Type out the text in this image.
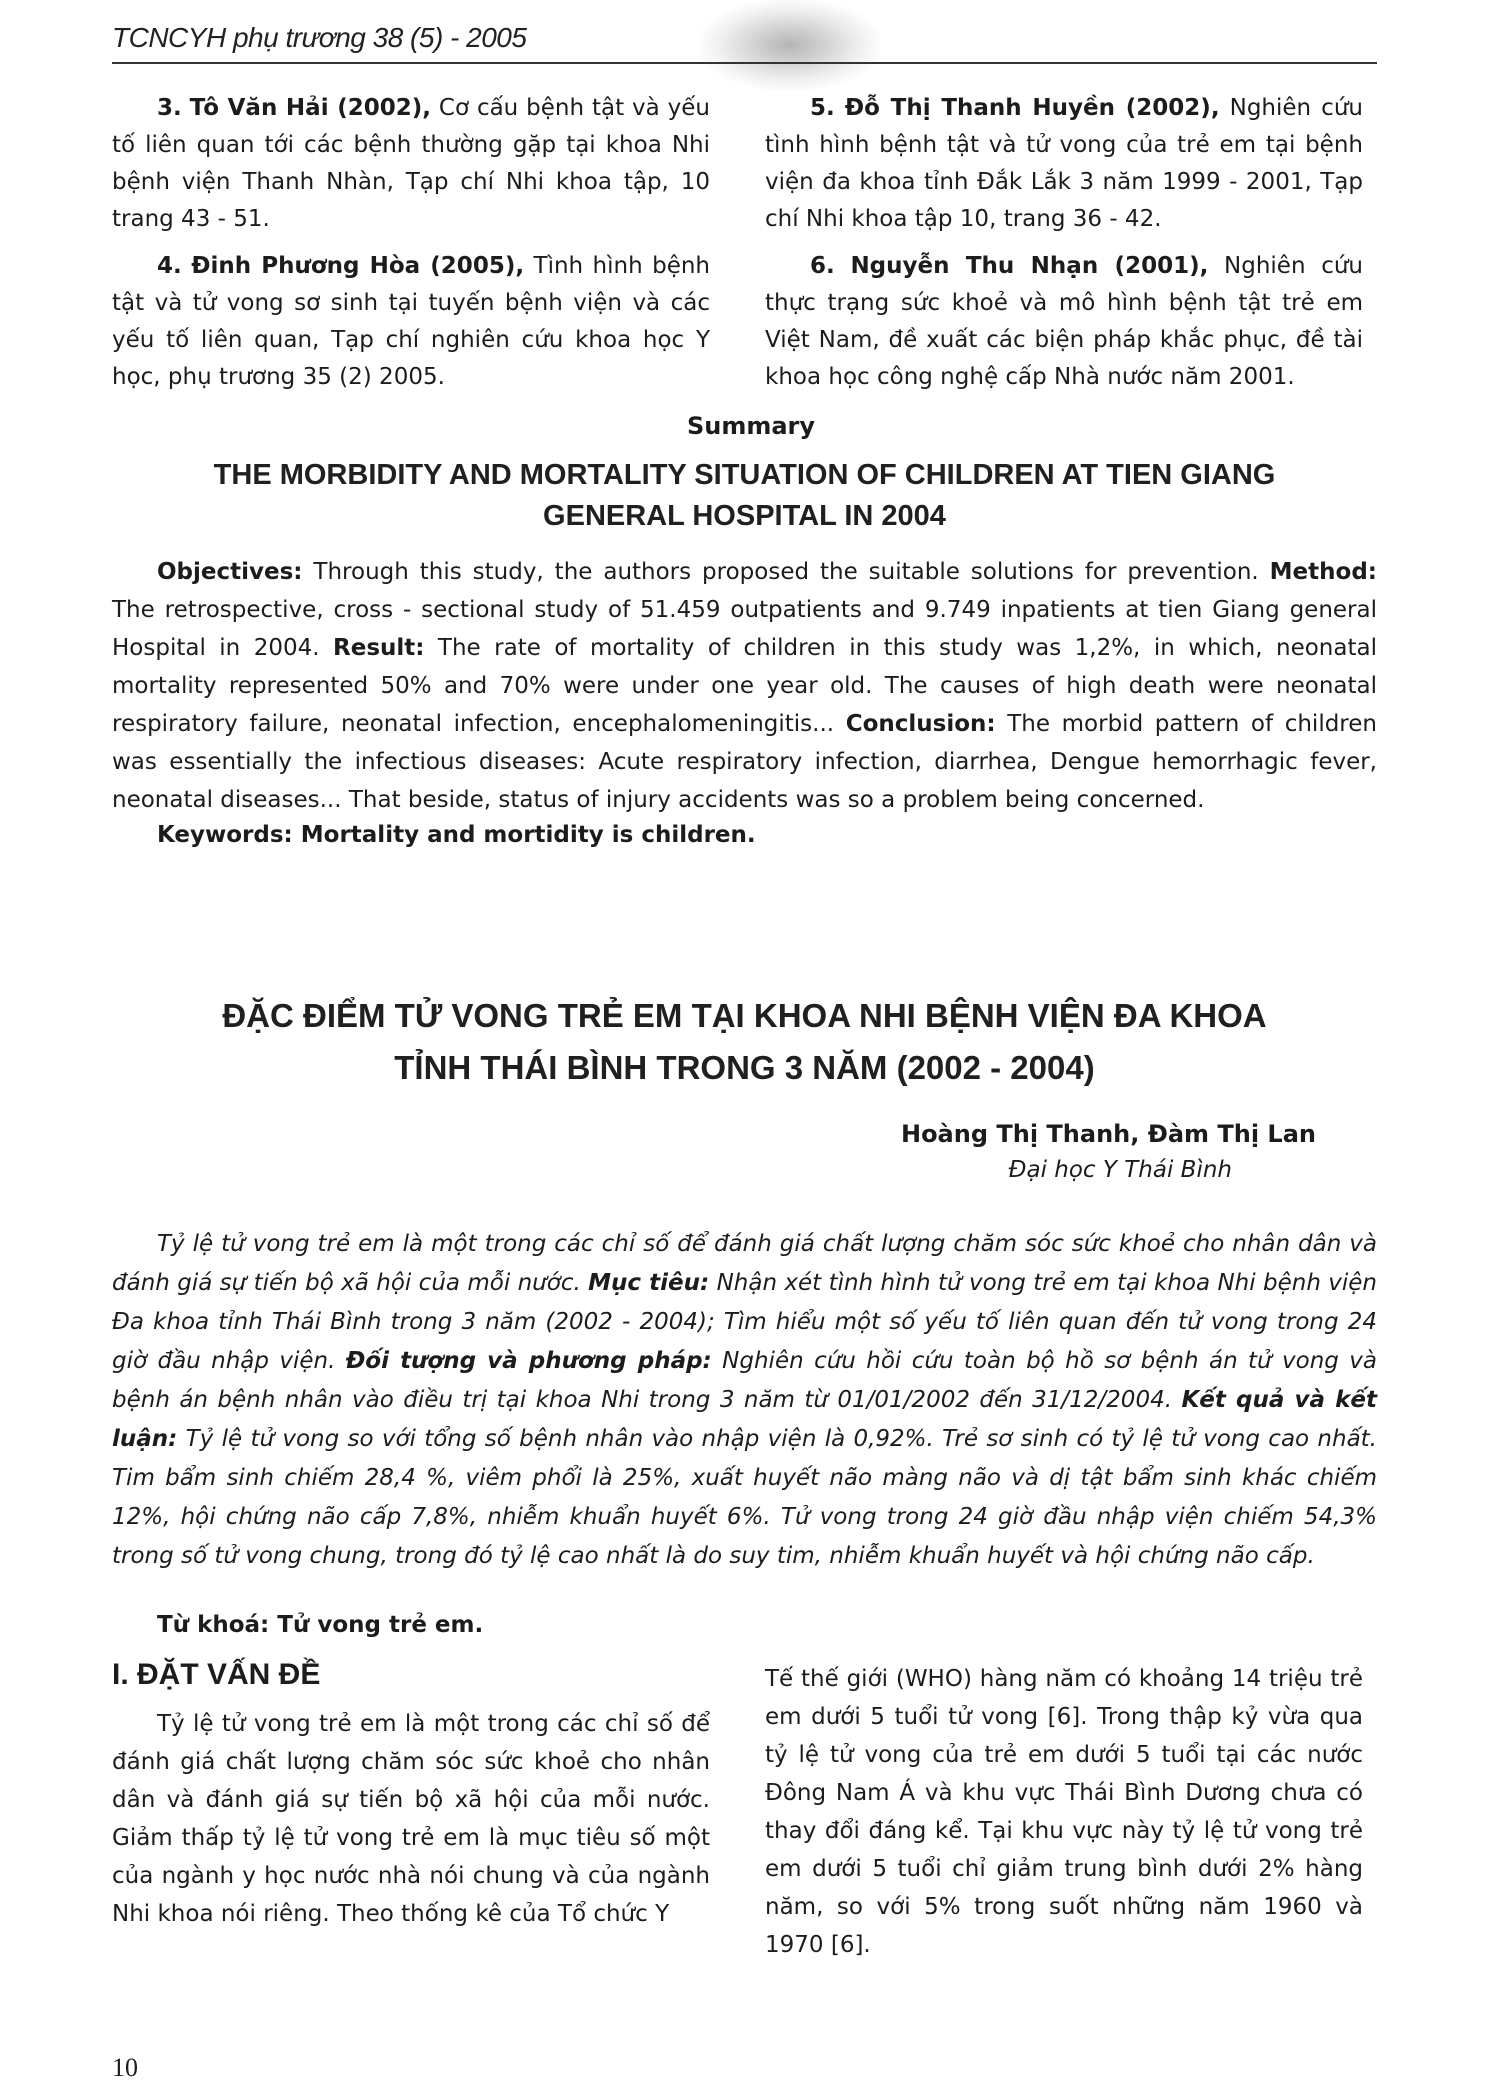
TCNCYH phụ trương 38 (5) - 2005

3. Tô Văn Hải (2002), Cơ cấu bệnh tật và yếu tố liên quan tới các bệnh thường gặp tại khoa Nhi bệnh viện Thanh Nhàn, Tạp chí Nhi khoa tập, 10 trang 43 - 51.

4. Đinh Phương Hòa (2005), Tình hình bệnh tật và tử vong sơ sinh tại tuyến bệnh viện và các yếu tố liên quan, Tạp chí nghiên cứu khoa học Y học, phụ trương 35 (2) 2005.

5. Đỗ Thị Thanh Huyền (2002), Nghiên cứu tình hình bệnh tật và tử vong của trẻ em tại bệnh viện đa khoa tỉnh Đắk Lắk 3 năm 1999 - 2001, Tạp chí Nhi khoa tập 10, trang 36 - 42.

6. Nguyễn Thu Nhạn (2001), Nghiên cứu thực trạng sức khoẻ và mô hình bệnh tật trẻ em Việt Nam, đề xuất các biện pháp khắc phục, đề tài khoa học công nghệ cấp Nhà nước năm 2001.

Summary
THE MORBIDITY AND MORTALITY SITUATION OF CHILDREN AT TIEN GIANG
GENERAL HOSPITAL IN 2004

Objectives: Through this study, the authors proposed the suitable solutions for prevention. Method: The retrospective, cross - sectional study of 51.459 outpatients and 9.749 inpatients at tien Giang general Hospital in 2004. Result: The rate of mortality of children in this study was 1,2%, in which, neonatal mortality represented 50% and 70% were under one year old. The causes of high death were neonatal respiratory failure, neonatal infection, encephalomeningitis... Conclusion: The morbid pattern of children was essentially the infectious diseases: Acute respiratory infection, diarrhea, Dengue hemorrhagic fever, neonatal diseases... That beside, status of injury accidents was so a problem being concerned.

Keywords: Mortality and mortidity is children.
ĐẶC ĐIỂM TỬ VONG TRẺ EM TẠI KHOA NHI BỆNH VIỆN ĐA KHOA
TỈNH THÁI BÌNH TRONG 3 NĂM (2002 - 2004)
Hoàng Thị Thanh, Đàm Thị Lan
Đại học Y Thái Bình

Tỷ lệ tử vong trẻ em là một trong các chỉ số để đánh giá chất lượng chăm sóc sức khoẻ cho nhân dân và đánh giá sự tiến bộ xã hội của mỗi nước. Mục tiêu: Nhận xét tình hình tử vong trẻ em tại khoa Nhi bệnh viện Đa khoa tỉnh Thái Bình trong 3 năm (2002 - 2004); Tìm hiểu một số yếu tố liên quan đến tử vong trong 24 giờ đầu nhập viện. Đối tượng và phương pháp: Nghiên cứu hồi cứu toàn bộ hồ sơ bệnh án tử vong và bệnh án bệnh nhân vào điều trị tại khoa Nhi trong 3 năm từ 01/01/2002 đến 31/12/2004. Kết quả và kết luận: Tỷ lệ tử vong so với tổng số bệnh nhân vào nhập viện là 0,92%. Trẻ sơ sinh có tỷ lệ tử vong cao nhất. Tim bẩm sinh chiếm 28,4 %, viêm phổi là 25%, xuất huyết não màng não và dị tật bẩm sinh khác chiếm 12%, hội chứng não cấp 7,8%, nhiễm khuẩn huyết 6%. Tử vong trong 24 giờ đầu nhập viện chiếm 54,3% trong số tử vong chung, trong đó tỷ lệ cao nhất là do suy tim, nhiễm khuẩn huyết và hội chứng não cấp.

Từ khoá: Tử vong trẻ em.
I. ĐẶT VẤN ĐỀ

Tỷ lệ tử vong trẻ em là một trong các chỉ số để đánh giá chất lượng chăm sóc sức khoẻ cho nhân dân và đánh giá sự tiến bộ xã hội của mỗi nước. Giảm thấp tỷ lệ tử vong trẻ em là mục tiêu số một của ngành y học nước nhà nói chung và của ngành Nhi khoa nói riêng. Theo thống kê của Tổ chức Y

Tế thế giới (WHO) hàng năm có khoảng 14 triệu trẻ em dưới 5 tuổi tử vong [6]. Trong thập kỷ vừa qua tỷ lệ tử vong của trẻ em dưới 5 tuổi tại các nước Đông Nam Á và khu vực Thái Bình Dương chưa có thay đổi đáng kể. Tại khu vực này tỷ lệ tử vong trẻ em dưới 5 tuổi chỉ giảm trung bình dưới 2% hàng năm, so với 5% trong suốt những năm 1960 và 1970 [6].

10
